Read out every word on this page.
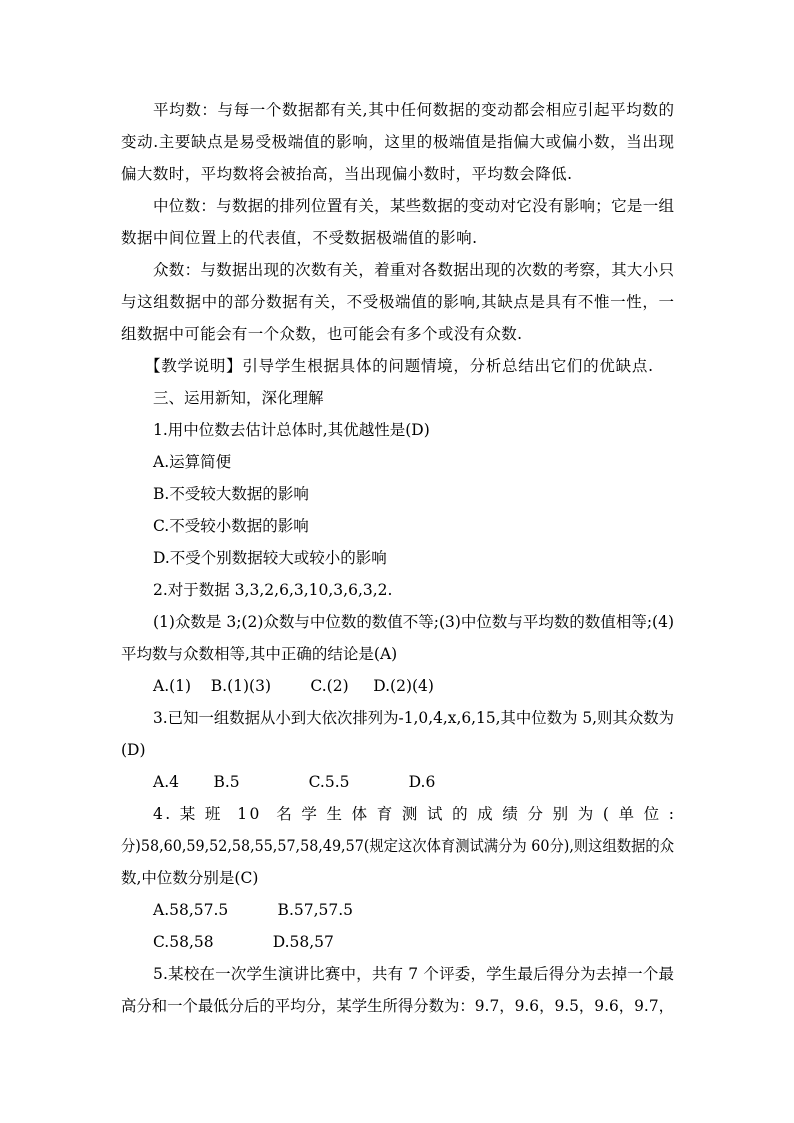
平均数：与每一个数据都有关,其中任何数据的变动都会相应引起平均数的
变动.主要缺点是易受极端值的影响，这里的极端值是指偏大或偏小数，当出现
偏大数时，平均数将会被抬高，当出现偏小数时，平均数会降低.
中位数：与数据的排列位置有关，某些数据的变动对它没有影响；它是一组
数据中间位置上的代表值，不受数据极端值的影响.
众数：与数据出现的次数有关，着重对各数据出现的次数的考察，其大小只
与这组数据中的部分数据有关，不受极端值的影响,其缺点是具有不惟一性，一
组数据中可能会有一个众数，也可能会有多个或没有众数.
【教学说明】引导学生根据具体的问题情境，分析总结出它们的优缺点.
三、运用新知，深化理解
1.用中位数去估计总体时,其优越性是(D)
A.运算简便
B.不受较大数据的影响
C.不受较小数据的影响
D.不受个别数据较大或较小的影响
2.对于数据 3,3,2,6,3,10,3,6,3,2.
(1)众数是 3;(2)众数与中位数的数值不等;(3)中位数与平均数的数值相等;(4)
平均数与众数相等,其中正确的结论是(A)
A.(1)    B.(1)(3)        C.(2)     D.(2)(4)
3.已知一组数据从小到大依次排列为-1,0,4,x,6,15,其中位数为 5,则其众数为
(D)
A.4       B.5              C.5.5            D.6
4. 某 班  10  名 学 生 体 育 测 试 的 成 绩 分 别 为 ( 单 位 :
分)58,60,59,52,58,55,57,58,49,57(规定这次体育测试满分为 60分),则这组数据的众
数,中位数分别是(C)
A.58,57.5          B.57,57.5
C.58,58            D.58,57
5.某校在一次学生演讲比赛中，共有 7 个评委，学生最后得分为去掉一个最
高分和一个最低分后的平均分，某学生所得分数为：9.7，9.6，9.5，9.6，9.7，
